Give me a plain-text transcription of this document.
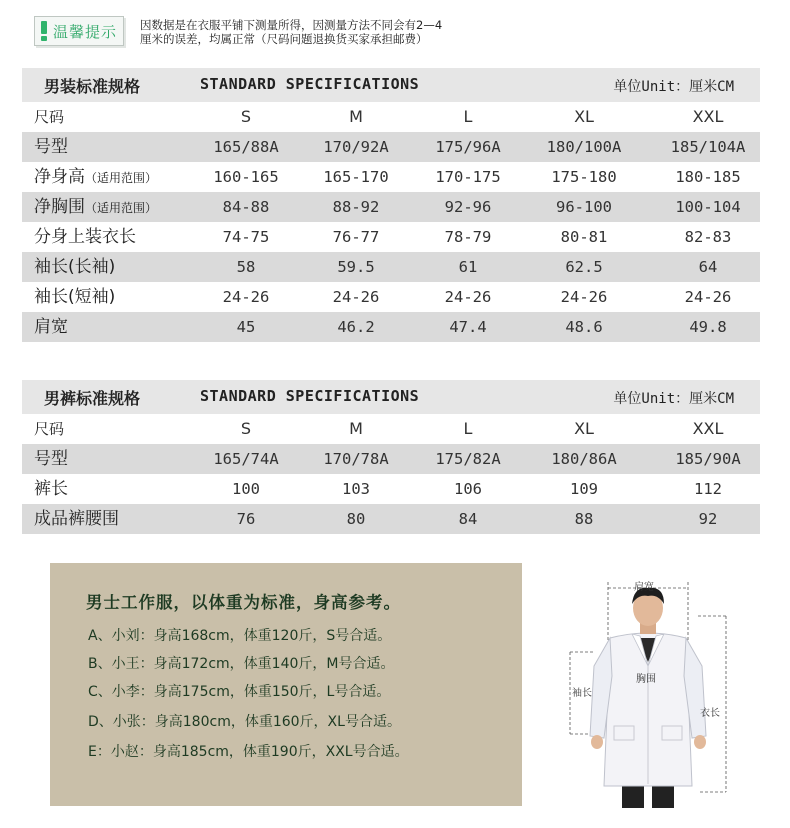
温馨提示 因数据是在衣服平铺下测量所得，因测量方法不同会有2—4
厘米的误差，均属正常（尺码问题退换货买家承担邮费）
男装标准规格	STANDARD SPECIFICATIONS	单位Unit：厘米CM
尺码	S	M	L	XL	XXL
号型	165/88A	170/92A	175/96A	180/100A	185/104A
净身高（适用范围）	160-165	165-170	170-175	175-180	180-185
净胸围（适用范围）	84-88	88-92	92-96	96-100	100-104
分身上装衣长	74-75	76-77	78-79	80-81	82-83
袖长(长袖)	58	59.5	61	62.5	64
袖长(短袖)	24-26	24-26	24-26	24-26	24-26
肩宽	45	46.2	47.4	48.6	49.8
男裤标准规格	STANDARD SPECIFICATIONS	单位Unit：厘米CM
尺码	S	M	L	XL	XXL
号型	165/74A	170/78A	175/82A	180/86A	185/90A
裤长	100	103	106	109	112
成品裤腰围	76	80	84	88	92
男士工作服，以体重为标准，身高参考。
A、小刘：身高168cm，体重120斤，S号合适。
B、小王：身高172cm，体重140斤，M号合适。
C、小李：身高175cm，体重150斤，L号合适。
D、小张：身高180cm，体重160斤，XL号合适。
E：小赵：身高185cm，体重190斤，XXL号合适。
肩宽
胸围
袖长
衣长
